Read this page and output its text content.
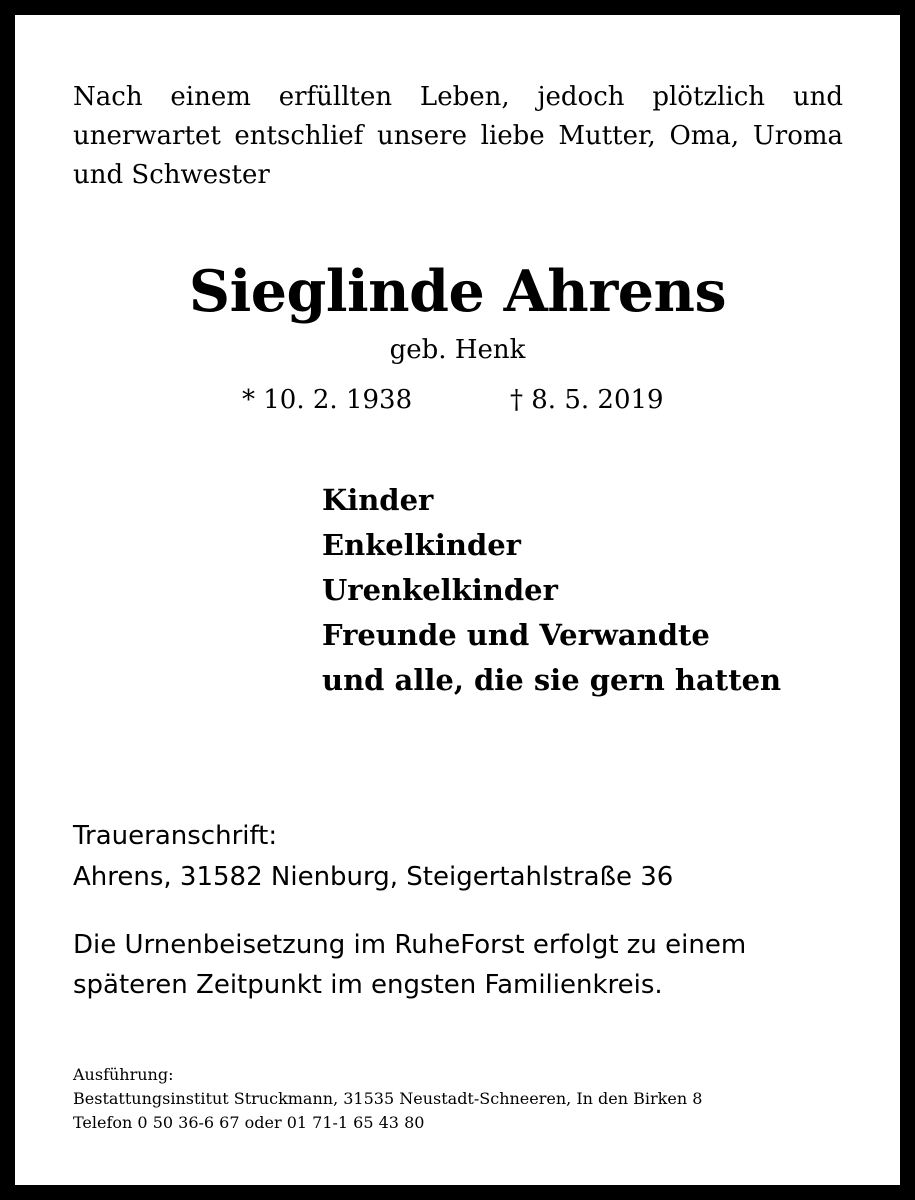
Nach einem erfüllten Leben, jedoch plötzlich und unerwartet entschlief unsere liebe Mutter, Oma, Uroma und Schwester
Sieglinde Ahrens
geb. Henk
* 10. 2. 1938	† 8. 5. 2019
Kinder
Enkelkinder
Urenkelkinder
Freunde und Verwandte
und alle, die sie gern hatten
Traueranschrift:
Ahrens, 31582 Nienburg, Steigertahlstraße 36
Die Urnenbeisetzung im RuheForst erfolgt zu einem
späteren Zeitpunkt im engsten Familienkreis.
Ausführung:
Bestattungsinstitut Struckmann, 31535 Neustadt-Schneeren, In den Birken 8
Telefon 0 50 36-6 67 oder 01 71-1 65 43 80
